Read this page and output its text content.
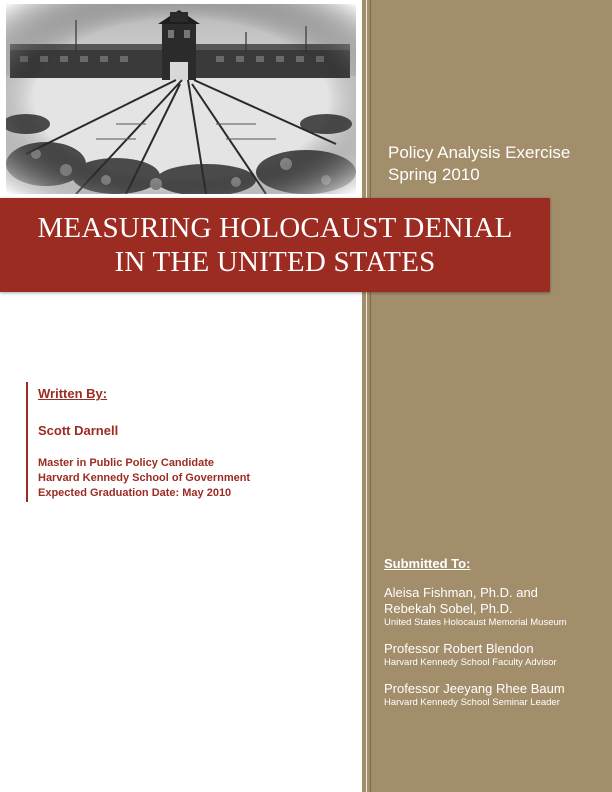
Policy Analysis Exercise
Spring 2010
MEASURING HOLOCAUST DENIAL
IN THE UNITED STATES
Written By:
Scott Darnell
Master in Public Policy Candidate
Harvard Kennedy School of Government
Expected Graduation Date: May 2010
Submitted To:
Aleisa Fishman, Ph.D. and
Rebekah Sobel, Ph.D.
United States Holocaust Memorial Museum
Professor Robert Blendon
Harvard Kennedy School Faculty Advisor
Professor Jeeyang Rhee Baum
Harvard Kennedy School Seminar Leader
